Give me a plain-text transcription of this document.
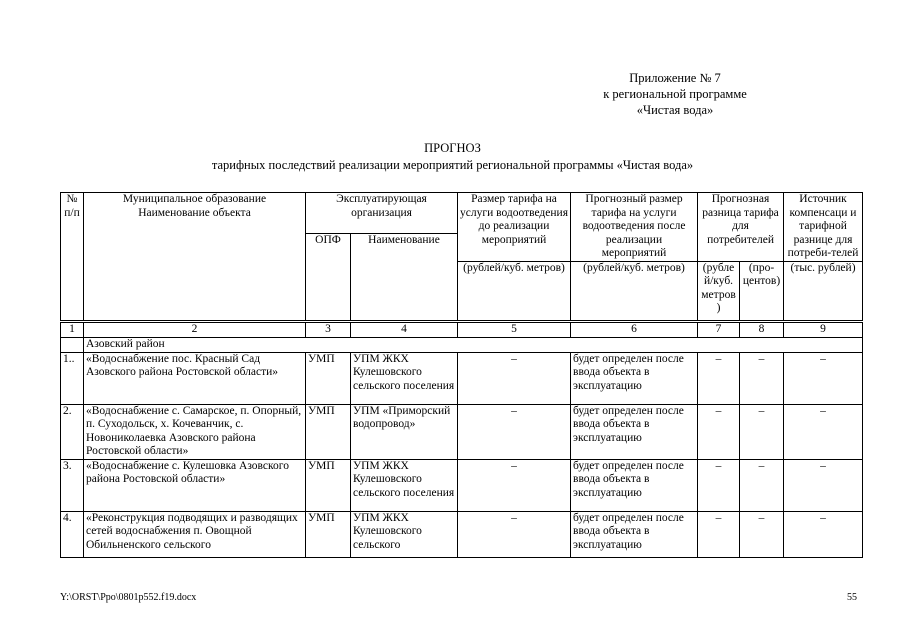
Приложение № 7
к региональной программе
«Чистая вода»
ПРОГНОЗ
тарифных последствий реализации мероприятий региональной программы «Чистая вода»
№ п/п	Муниципальное образование Наименование объекта	Эксплуатирующая организация		Размер тарифа на услуги водоотведения до реализации мероприятий	Прогнозный размер тарифа на услуги водоотведения после реализации мероприятий	Прогнозная разница тарифа для потребителей		Источник компенсаци и тарифной разнице для потреби-телей
		ОПФ	Наименование					
				(рублей/куб. метров)	(рублей/куб. метров)	(рубле й/куб. метров )	(про-центов)	(тыс. рублей)
1	2	3	4	5	6	7	8	9
	Азовский район							
1..	«Водоснабжение пос. Красный Сад Азовского района Ростовской области»	УМП	УПМ ЖКХ Кулешовского сельского поселения	–	будет определен после ввода объекта в эксплуатацию	–	–	–
2.	«Водоснабжение с. Самарское, п. Опорный, п. Суходольск, х. Кочеванчик, с. Новониколаевка Азовского района Ростовской области»	УМП	УПМ «Приморский водопровод»	–	будет определен после ввода объекта в эксплуатацию	–	–	–
3.	«Водоснабжение с. Кулешовка Азовского района Ростовской области»	УМП	УПМ ЖКХ Кулешовского сельского поселения	–	будет определен после ввода объекта в эксплуатацию	–	–	–
4.	«Реконструкция подводящих и разводящих сетей водоснабжения п. Овощной Обильненского сельского	УМП	УПМ ЖКХ Кулешовского сельского	–	будет определен после ввода объекта в эксплуатацию	–	–	–
Y:\ORST\Ppo\0801p552.f19.docx	55
